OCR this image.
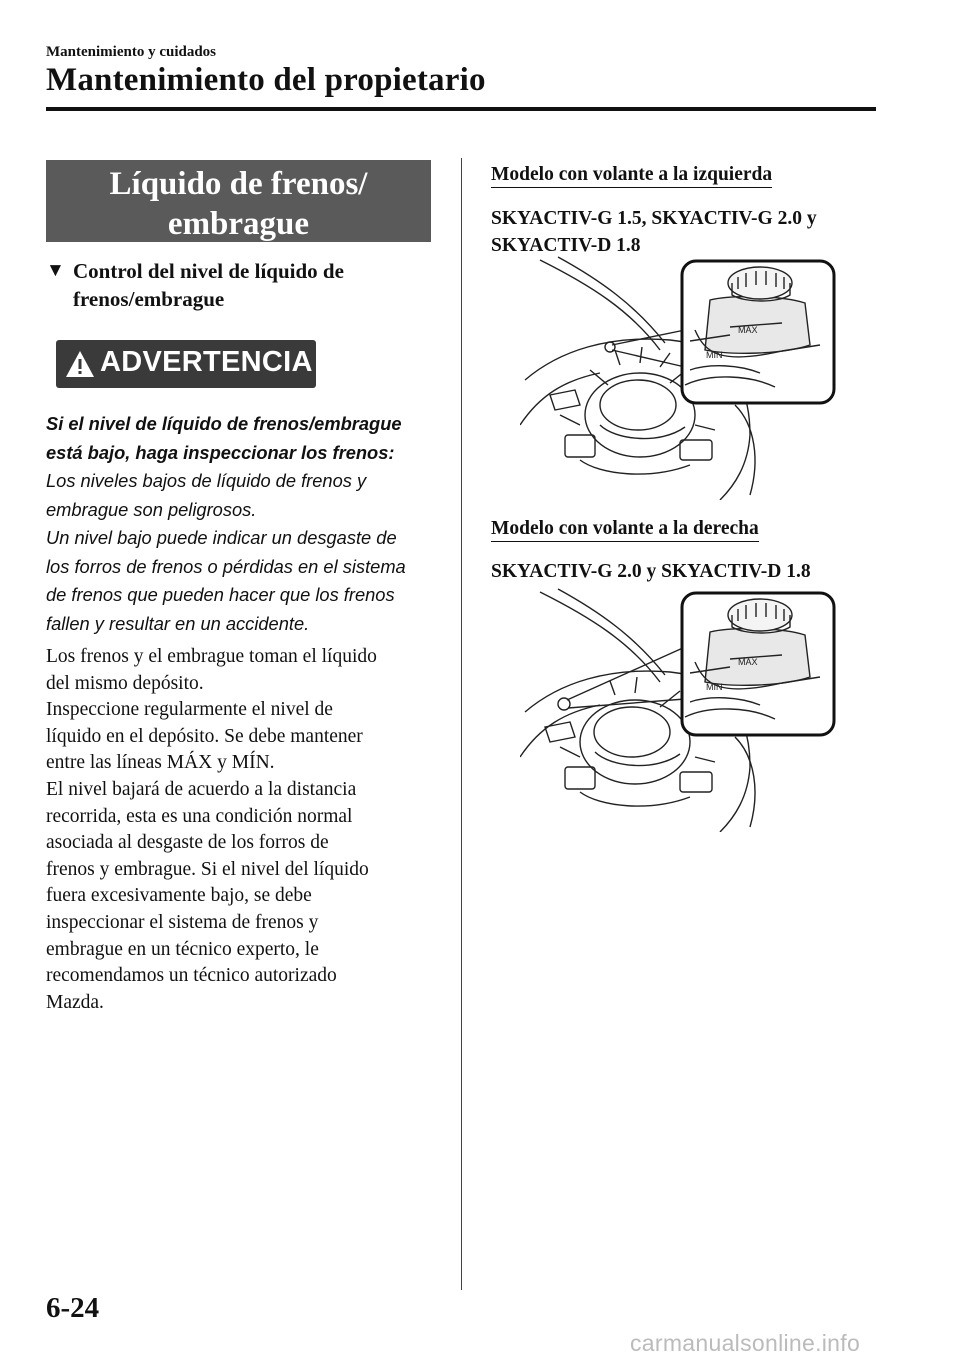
Mantenimiento y cuidados
Mantenimiento del propietario
Líquido de frenos/
embrague
▼ Control del nivel de líquido de
frenos/embrague
ADVERTENCIA
Si el nivel de líquido de frenos/embrague
está bajo, haga inspeccionar los frenos:
Los niveles bajos de líquido de frenos y
embrague son peligrosos.
Un nivel bajo puede indicar un desgaste de
los forros de frenos o pérdidas en el sistema
de frenos que pueden hacer que los frenos
fallen y resultar en un accidente.
Los frenos y el embrague toman el líquido
del mismo depósito.
Inspeccione regularmente el nivel de
líquido en el depósito. Se debe mantener
entre las líneas MÁX y MÍN.
El nivel bajará de acuerdo a la distancia
recorrida, esta es una condición normal
asociada al desgaste de los forros de
frenos y embrague. Si el nivel del líquido
fuera excesivamente bajo, se debe
inspeccionar el sistema de frenos y
embrague en un técnico experto, le
recomendamos un técnico autorizado
Mazda.
Modelo con volante a la izquierda
SKYACTIV-G 1.5, SKYACTIV-G 2.0 y
SKYACTIV-D 1.8
MAX
MIN
Modelo con volante a la derecha
SKYACTIV-G 2.0 y SKYACTIV-D 1.8
MAX
MIN
6-24
carmanualsonline.info
